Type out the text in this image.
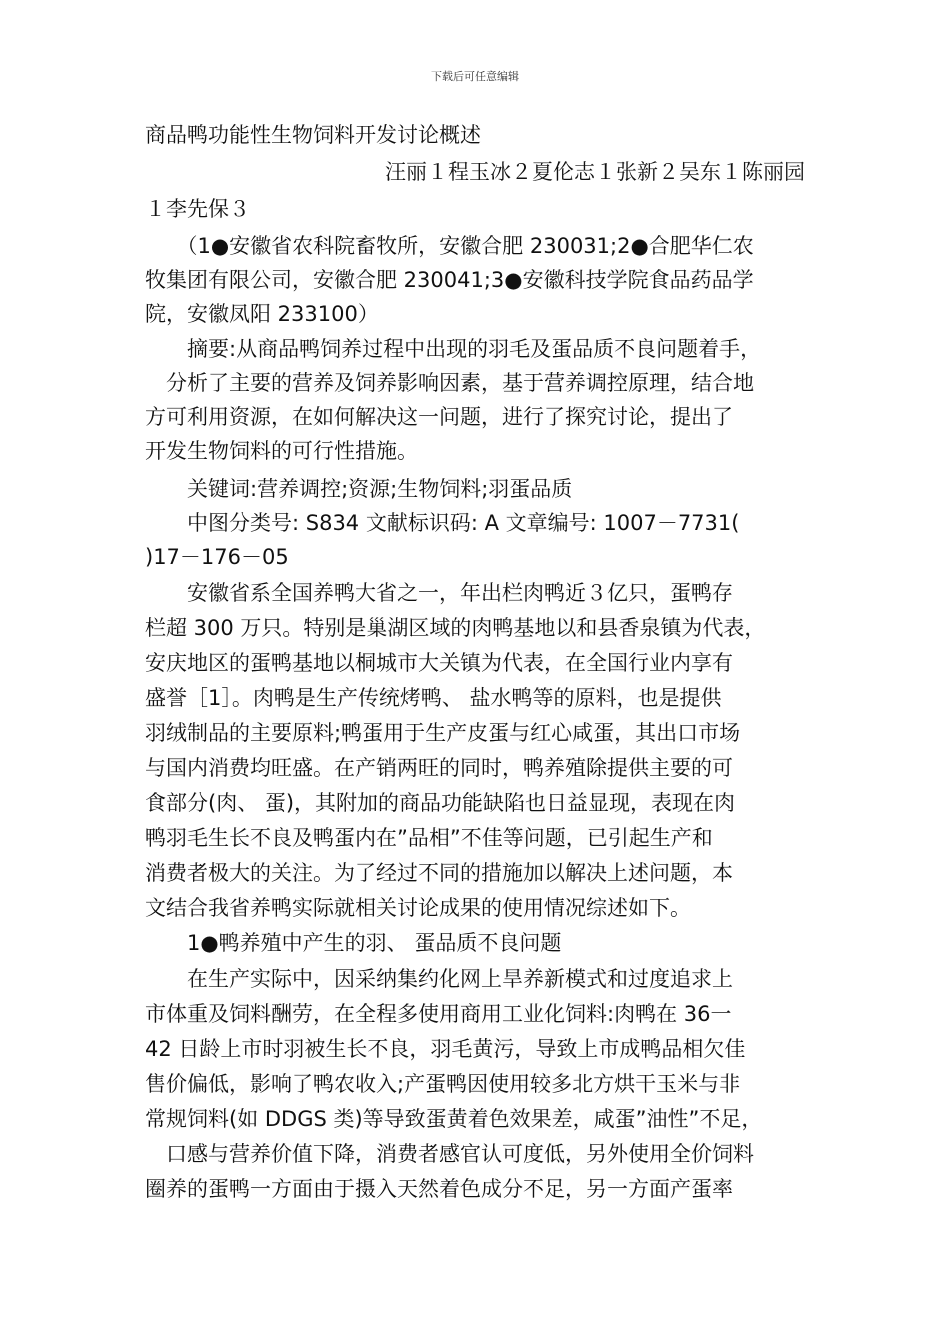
下载后可任意编辑
商品鸭功能性生物饲料开发讨论概述
汪丽１程玉冰２夏伦志１张新２吴东１陈丽园
１李先保３
　　（1●安徽省农科院畜牧所，安徽合肥 230031;2●合肥华仁农
牧集团有限公司，安徽合肥 230041;3●安徽科技学院食品药品学
院，安徽凤阳 233100）
　　摘要:从商品鸭饲养过程中出现的羽毛及蛋品质不良问题着手，
　分析了主要的营养及饲养影响因素，基于营养调控原理，结合地
方可利用资源，在如何解决这一问题，进行了探究讨论，提出了
开发生物饲料的可行性措施。
　　关键词:营养调控;资源;生物饲料;羽蛋品质
　　中图分类号: S834 文献标识码: A 文章编号: 1007－7731(
)17－176－05
　　安徽省系全国养鸭大省之一，年出栏肉鸭近３亿只，蛋鸭存
栏超 300 万只。特别是巢湖区域的肉鸭基地以和县香泉镇为代表，
安庆地区的蛋鸭基地以桐城市大关镇为代表，在全国行业内享有
盛誉［1］。肉鸭是生产传统烤鸭、 盐水鸭等的原料，也是提供
羽绒制品的主要原料;鸭蛋用于生产皮蛋与红心咸蛋，其出口市场
与国内消费均旺盛。在产销两旺的同时，鸭养殖除提供主要的可
食部分(肉、 蛋)，其附加的商品功能缺陷也日益显现，表现在肉
鸭羽毛生长不良及鸭蛋内在”品相”不佳等问题，已引起生产和
消费者极大的关注。为了经过不同的措施加以解决上述问题，本
文结合我省养鸭实际就相关讨论成果的使用情况综述如下。
　　1●鸭养殖中产生的羽、 蛋品质不良问题
　　在生产实际中，因采纳集约化网上旱养新模式和过度追求上
市体重及饲料酬劳，在全程多使用商用工业化饲料:肉鸭在 36一
42 日龄上市时羽被生长不良，羽毛黄污，导致上市成鸭品相欠佳
售价偏低，影响了鸭农收入;产蛋鸭因使用较多北方烘干玉米与非
常规饲料(如 DDGS 类)等导致蛋黄着色效果差，咸蛋”油性”不足，
　口感与营养价值下降，消费者感官认可度低，另外使用全价饲料
圈养的蛋鸭一方面由于摄入天然着色成分不足，另一方面产蛋率
